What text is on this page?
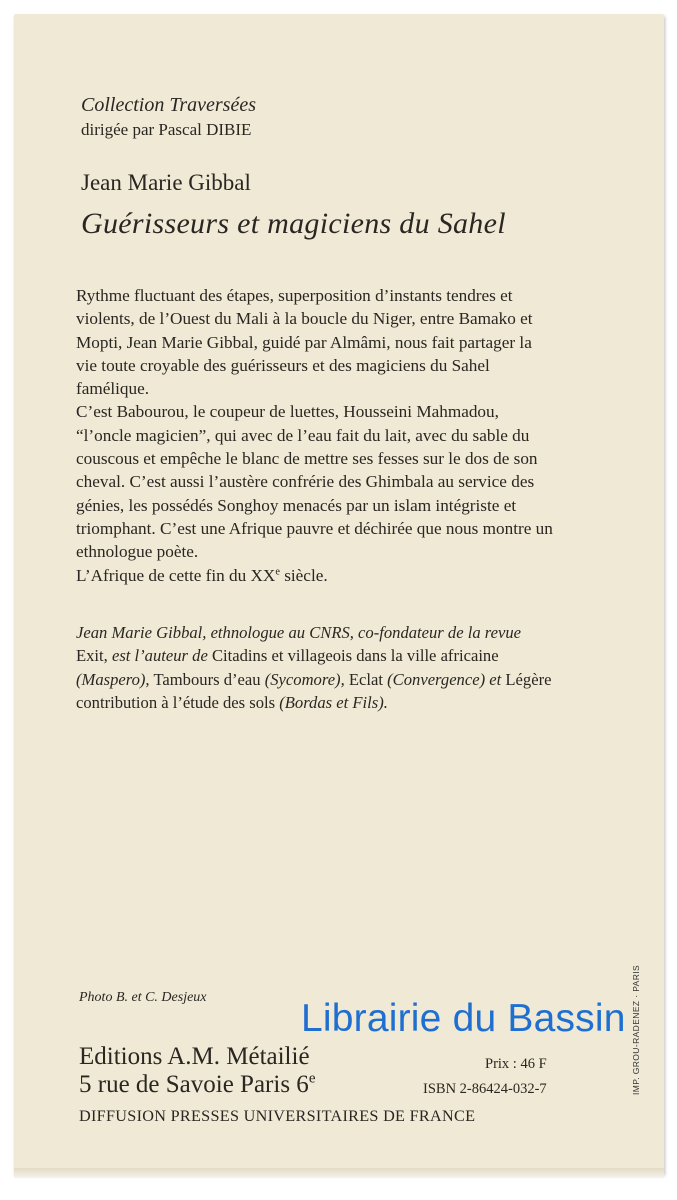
Collection Traversées
dirigée par Pascal DIBIE
Jean Marie Gibbal
Guérisseurs et magiciens du Sahel

Rythme fluctuant des étapes, superposition d’instants tendres et violents, de l’Ouest du Mali à la boucle du Niger, entre Bamako et Mopti, Jean Marie Gibbal, guidé par Almâmi, nous fait partager la vie toute croyable des guérisseurs et des magiciens du Sahel famélique.

C’est Babourou, le coupeur de luettes, Housseini Mahmadou, “l’oncle magicien”, qui avec de l’eau fait du lait, avec du sable du couscous et empêche le blanc de mettre ses fesses sur le dos de son cheval. C’est aussi l’austère confrérie des Ghimbala au service des génies, les possédés Songhoy menacés par un islam intégriste et triomphant. C’est une Afrique pauvre et déchirée que nous montre un ethnologue poète.

L’Afrique de cette fin du XXe siècle.

Jean Marie Gibbal, ethnologue au CNRS, co-fondateur de la revue Exit, est l’auteur de Citadins et villageois dans la ville africaine (Maspero), Tambours d’eau (Sycomore), Eclat (Convergence) et Légère contribution à l’étude des sols (Bordas et Fils).
Photo B. et C. Desjeux Librairie du Bassin
Editions A.M. Métailié
5 rue de Savoie Paris 6e
Prix : 46 F
ISBN 2-86424-032-7
DIFFUSION PRESSES UNIVERSITAIRES DE FRANCE
IMP. GROU-RADENEZ · PARIS
